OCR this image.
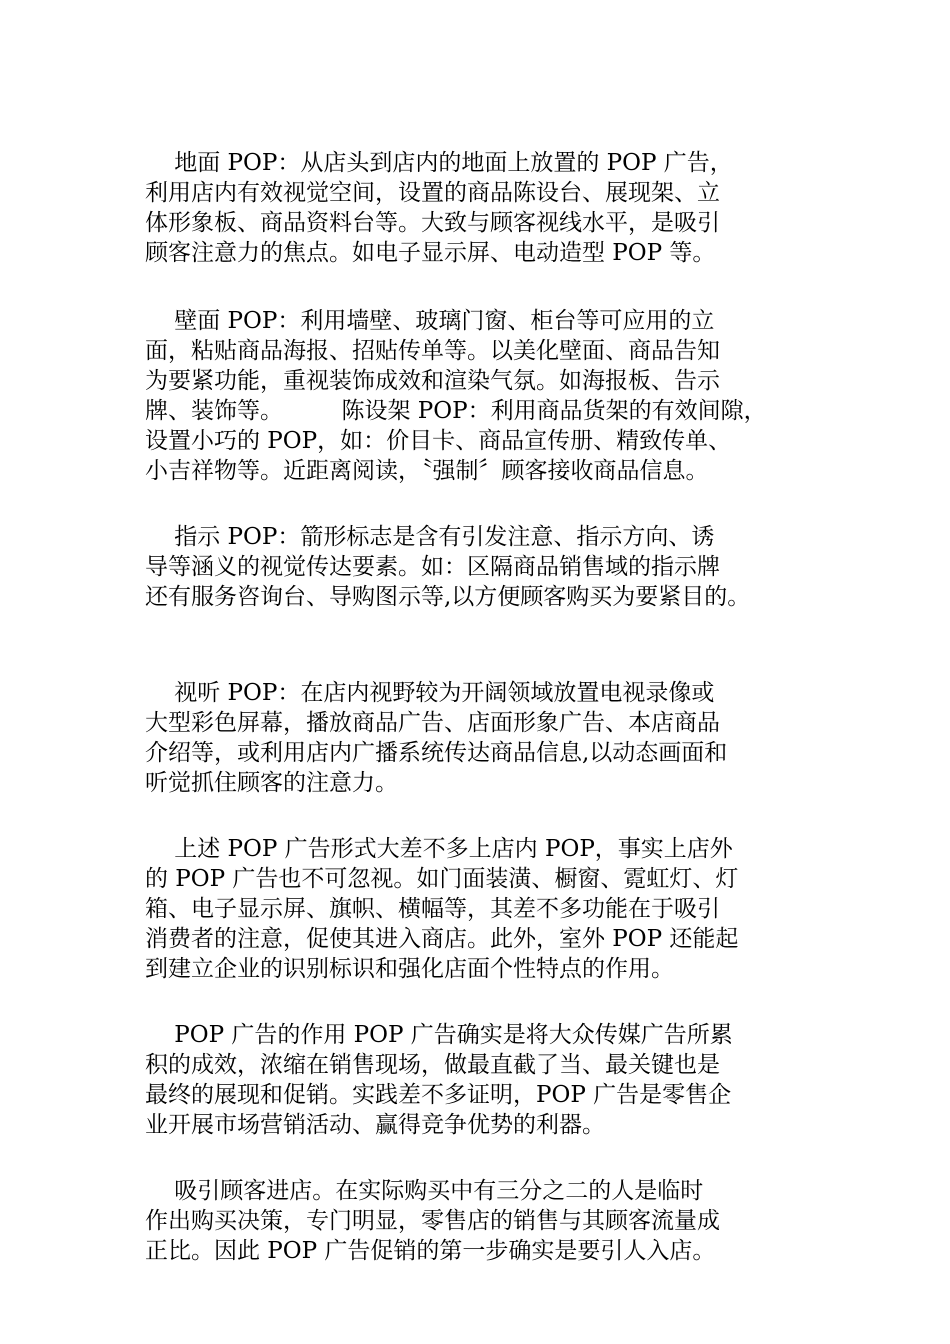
地面 POP：从店头到店内的地面上放置的 POP 广告，
利用店内有效视觉空间，设置的商品陈设台、展现架、立
体形象板、商品资料台等。大致与顾客视线水平，是吸引
顾客注意力的焦点。如电子显示屏、电动造型 POP 等。
壁面 POP：利用墙壁、玻璃门窗、柜台等可应用的立
面，粘贴商品海报、招贴传单等。以美化壁面、商品告知
为要紧功能，重视装饰成效和渲染气氛。如海报板、告示
牌、装饰等。        陈设架 POP：利用商品货架的有效间隙，
设置小巧的 POP，如：价目卡、商品宣传册、精致传单、
小吉祥物等。近距离阅读，〝强制〞顾客接收商品信息。
指示 POP：箭形标志是含有引发注意、指示方向、诱
导等涵义的视觉传达要素。如：区隔商品销售域的指示牌
还有服务咨询台、导购图示等,以方便顾客购买为要紧目的。
视听 POP：在店内视野较为开阔领域放置电视录像或
大型彩色屏幕，播放商品广告、店面形象广告、本店商品
介绍等，或利用店内广播系统传达商品信息,以动态画面和
听觉抓住顾客的注意力。
上述 POP 广告形式大差不多上店内 POP，事实上店外
的 POP 广告也不可忽视。如门面装潢、橱窗、霓虹灯、灯
箱、电子显示屏、旗帜、横幅等，其差不多功能在于吸引
消费者的注意，促使其进入商店。此外，室外 POP 还能起
到建立企业的识别标识和强化店面个性特点的作用。
POP 广告的作用 POP 广告确实是将大众传媒广告所累
积的成效，浓缩在销售现场，做最直截了当、最关键也是
最终的展现和促销。实践差不多证明，POP 广告是零售企
业开展市场营销活动、赢得竞争优势的利器。
吸引顾客进店。在实际购买中有三分之二的人是临时
作出购买决策，专门明显，零售店的销售与其顾客流量成
正比。因此 POP 广告促销的第一步确实是要引人入店。
